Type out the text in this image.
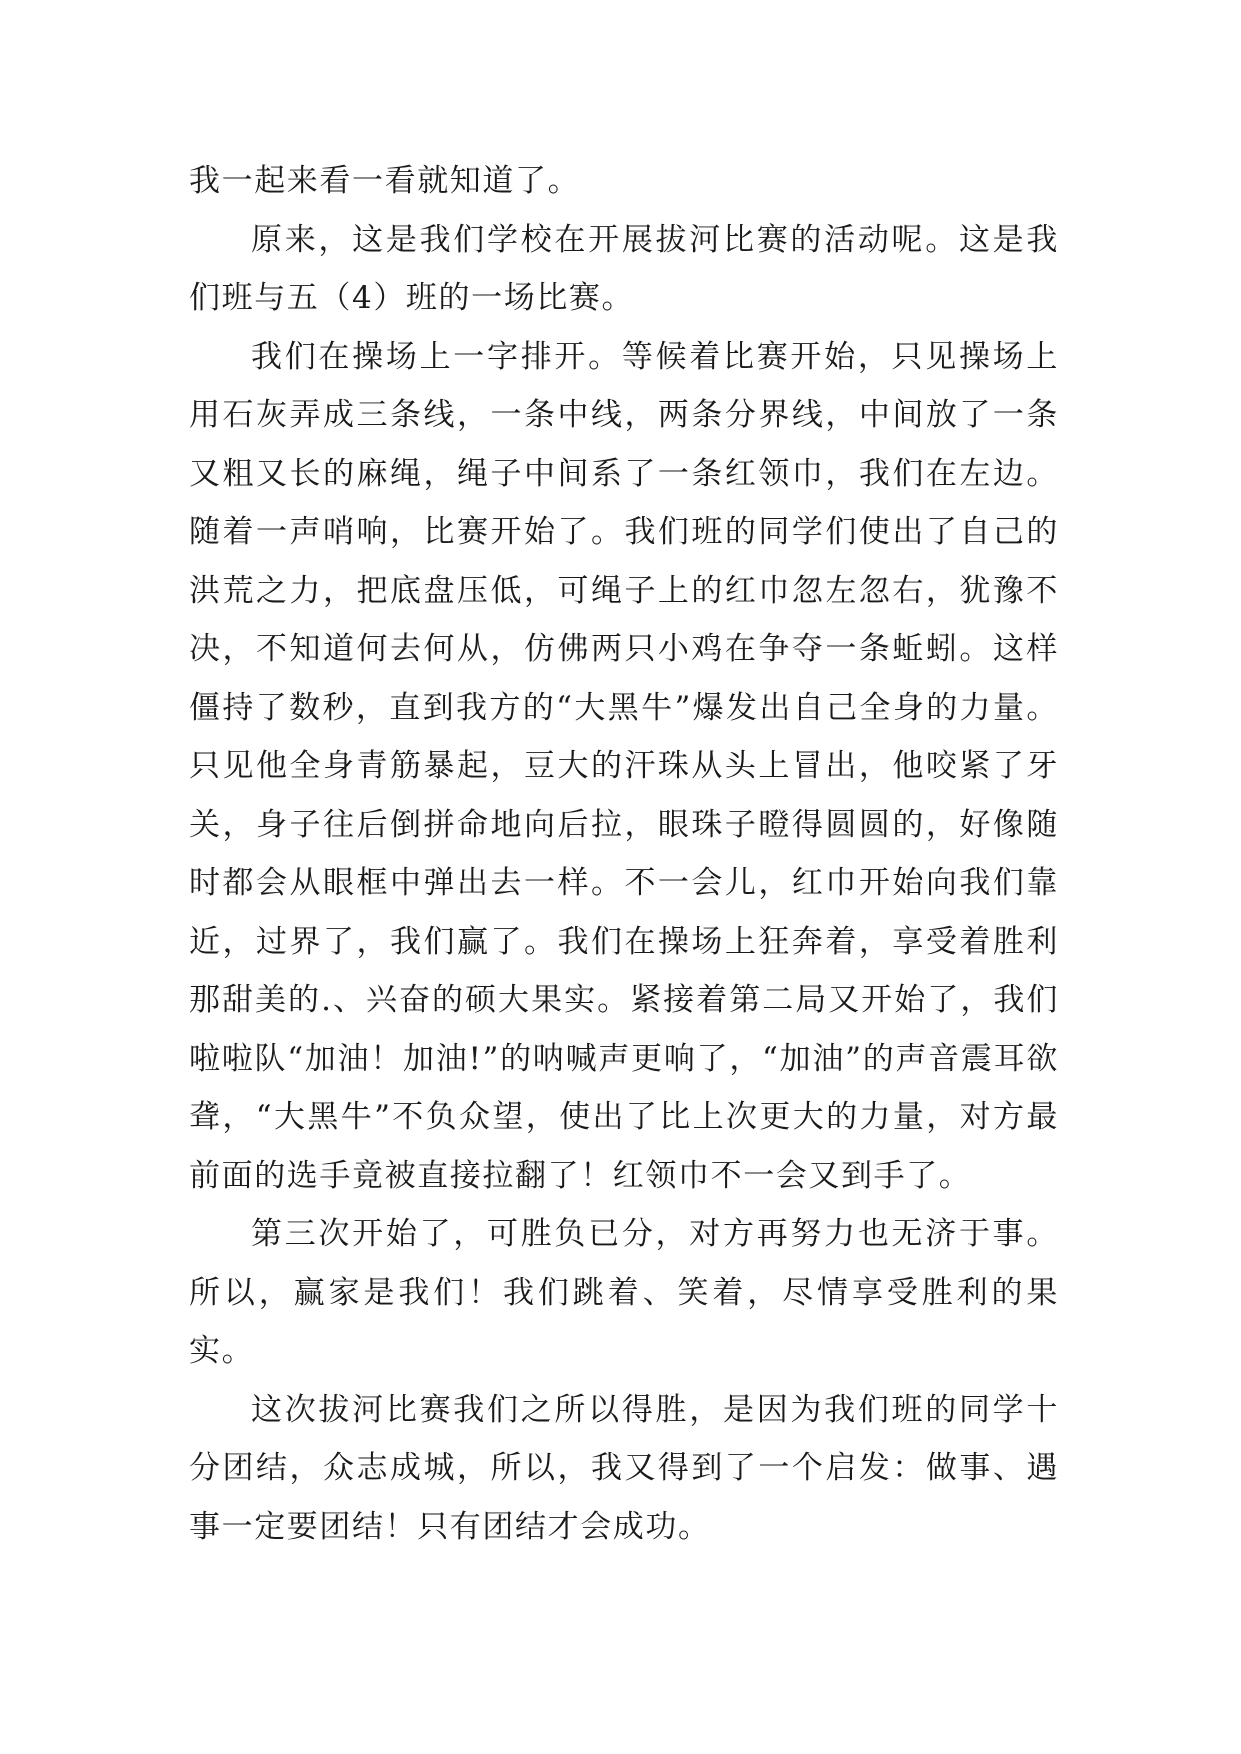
我一起来看一看就知道了。

原来，这是我们学校在开展拔河比赛的活动呢。这是我们班与五（4）班的一场比赛。

我们在操场上一字排开。等候着比赛开始，只见操场上用石灰弄成三条线，一条中线，两条分界线，中间放了一条又粗又长的麻绳，绳子中间系了一条红领巾，我们在左边。随着一声哨响，比赛开始了。我们班的同学们使出了自己的洪荒之力，把底盘压低，可绳子上的红巾忽左忽右，犹豫不决，不知道何去何从，仿佛两只小鸡在争夺一条蚯蚓。这样僵持了数秒，直到我方的“大黑牛”爆发出自己全身的力量。只见他全身青筋暴起，豆大的汗珠从头上冒出，他咬紧了牙关，身子往后倒拼命地向后拉，眼珠子瞪得圆圆的，好像随时都会从眼框中弹出去一样。不一会儿，红巾开始向我们靠近，过界了，我们赢了。我们在操场上狂奔着，享受着胜利那甜美的.、兴奋的硕大果实。紧接着第二局又开始了，我们啦啦队“加油！加油!”的呐喊声更响了，“加油”的声音震耳欲聋，“大黑牛”不负众望，使出了比上次更大的力量，对方最前面的选手竟被直接拉翻了！红领巾不一会又到手了。

第三次开始了，可胜负已分，对方再努力也无济于事。所以，赢家是我们！我们跳着、笑着，尽情享受胜利的果实。

这次拔河比赛我们之所以得胜，是因为我们班的同学十分团结，众志成城，所以，我又得到了一个启发：做事、遇事一定要团结！只有团结才会成功。
